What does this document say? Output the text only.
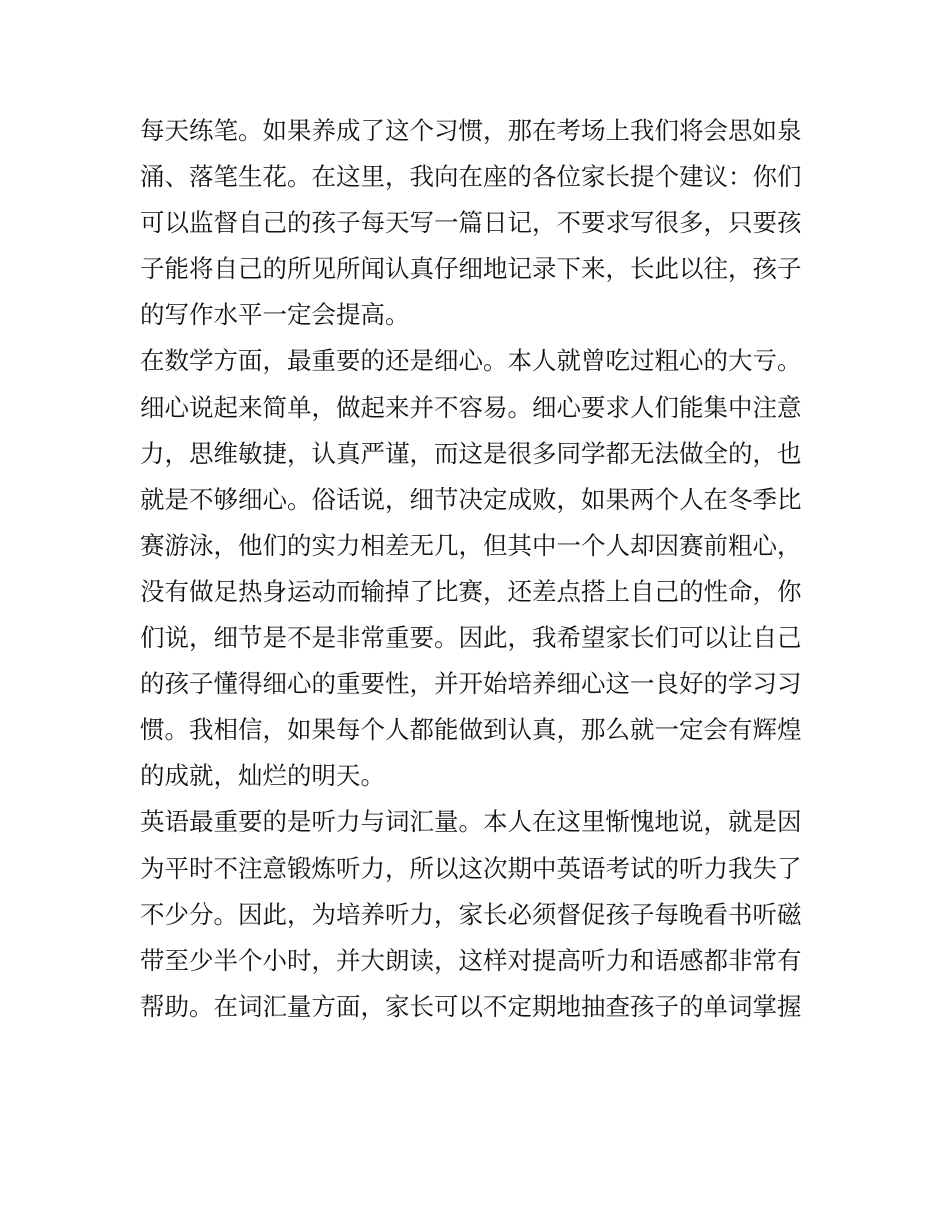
每天练笔。如果养成了这个习惯，那在考场上我们将会思如泉
涌、落笔生花。在这里，我向在座的各位家长提个建议：你们
可以监督自己的孩子每天写一篇日记，不要求写很多，只要孩
子能将自己的所见所闻认真仔细地记录下来，长此以往，孩子
的写作水平一定会提高。
在数学方面，最重要的还是细心。本人就曾吃过粗心的大亏。
细心说起来简单，做起来并不容易。细心要求人们能集中注意
力，思维敏捷，认真严谨，而这是很多同学都无法做全的，也
就是不够细心。俗话说，细节决定成败，如果两个人在冬季比
赛游泳，他们的实力相差无几，但其中一个人却因赛前粗心，
没有做足热身运动而输掉了比赛，还差点搭上自己的性命，你
们说，细节是不是非常重要。因此，我希望家长们可以让自己
的孩子懂得细心的重要性，并开始培养细心这一良好的学习习
惯。我相信，如果每个人都能做到认真，那么就一定会有辉煌
的成就，灿烂的明天。
英语最重要的是听力与词汇量。本人在这里惭愧地说，就是因
为平时不注意锻炼听力，所以这次期中英语考试的听力我失了
不少分。因此，为培养听力，家长必须督促孩子每晚看书听磁
带至少半个小时，并大朗读，这样对提高听力和语感都非常有
帮助。在词汇量方面，家长可以不定期地抽查孩子的单词掌握
